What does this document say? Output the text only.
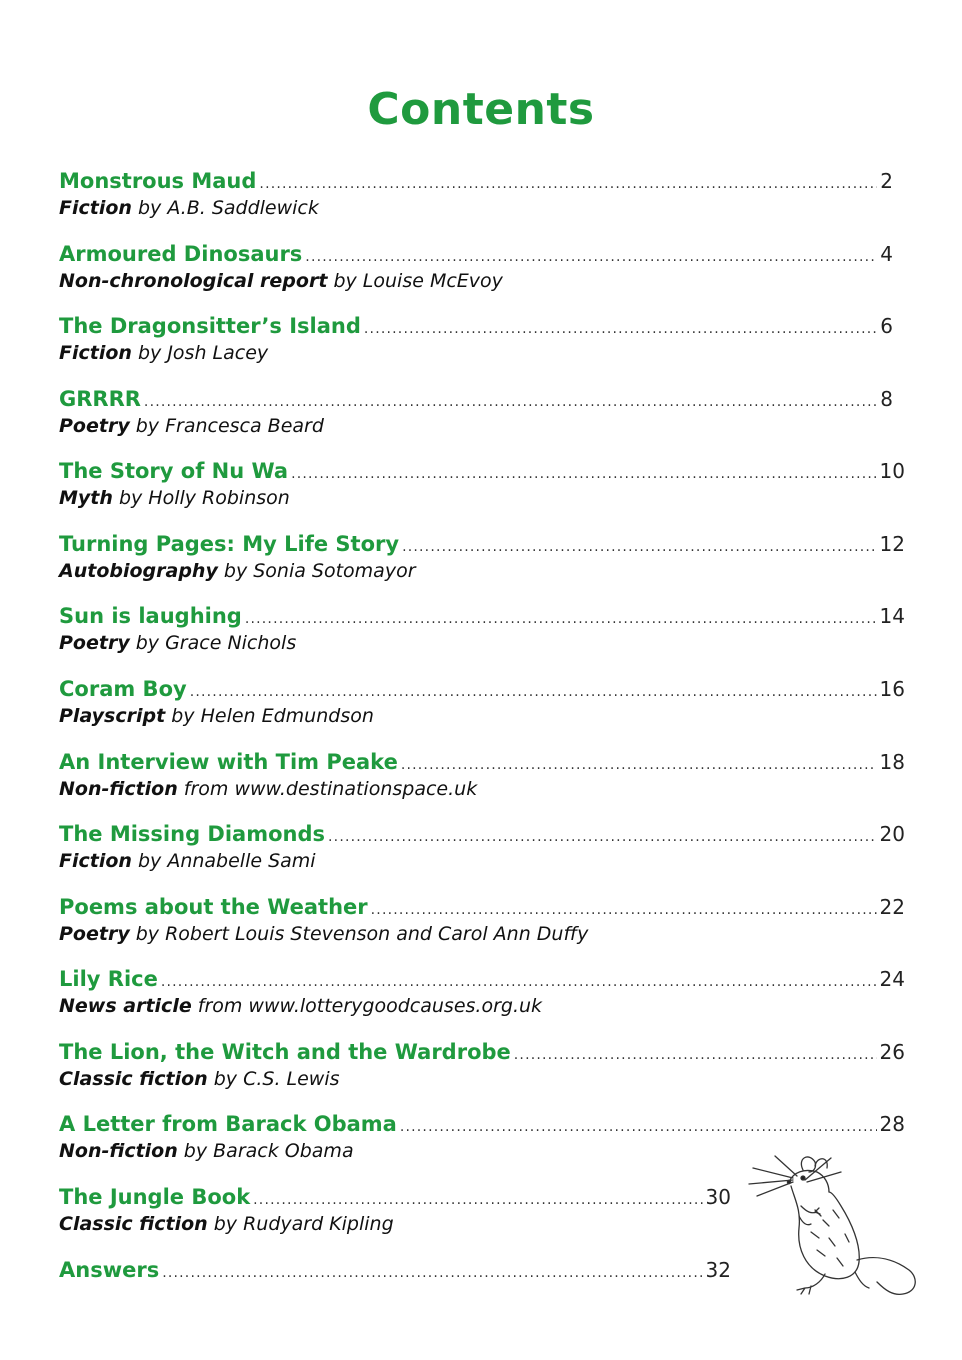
Contents
Monstrous Maud .....	2
Fiction by A.B. Saddlewick
Armoured Dinosaurs .....	4
Non-chronological report by Louise McEvoy
The Dragonsitter’s Island .....	6
Fiction by Josh Lacey
GRRRR .....	8
Poetry by Francesca Beard
The Story of Nu Wa .....	10
Myth by Holly Robinson
Turning Pages: My Life Story .....	12
Autobiography by Sonia Sotomayor
Sun is laughing .....	14
Poetry by Grace Nichols
Coram Boy .....	16
Playscript by Helen Edmundson
An Interview with Tim Peake .....	18
Non-fiction from www.destinationspace.uk
The Missing Diamonds .....	20
Fiction by Annabelle Sami
Poems about the Weather .....	22
Poetry by Robert Louis Stevenson and Carol Ann Duffy
Lily Rice .....	24
News article from www.lotterygoodcauses.org.uk
The Lion, the Witch and the Wardrobe .....	26
Classic fiction by C.S. Lewis
A Letter from Barack Obama .....	28
Non-fiction by Barack Obama
The Jungle Book .....	30
Classic fiction by Rudyard Kipling
Answers .....	32
